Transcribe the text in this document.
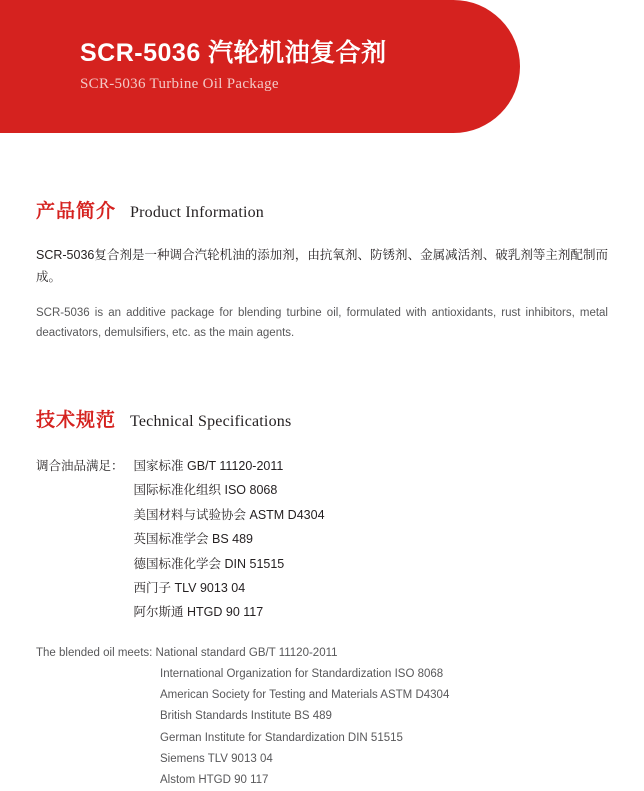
SCR-5036 汽轮机油复合剂

SCR-5036 Turbine Oil Package

产品简介 Product Information

SCR-5036复合剂是一种调合汽轮机油的添加剂，由抗氧剂、防锈剂、金属减活剂、破乳剂等主剂配制而成。

SCR-5036 is an additive package for blending turbine oil, formulated with antioxidants, rust inhibitors, metal deactivators, demulsifiers, etc. as the main agents.

技术规范 Technical Specifications
调合油品满足： 国家标准 GB/T 11120-2011
国际标准化组织 ISO 8068
美国材料与试验协会 ASTM D4304
英国标准学会 BS 489
德国标准化学会 DIN 51515
西门子 TLV 9013 04
阿尔斯通 HTGD 90 117

The blended oil meets: National standard GB/T 11120-2011

International Organization for Standardization ISO 8068
American Society for Testing and Materials ASTM D4304
British Standards Institute BS 489
German Institute for Standardization DIN 51515
Siemens TLV 9013 04
Alstom HTGD 90 117
